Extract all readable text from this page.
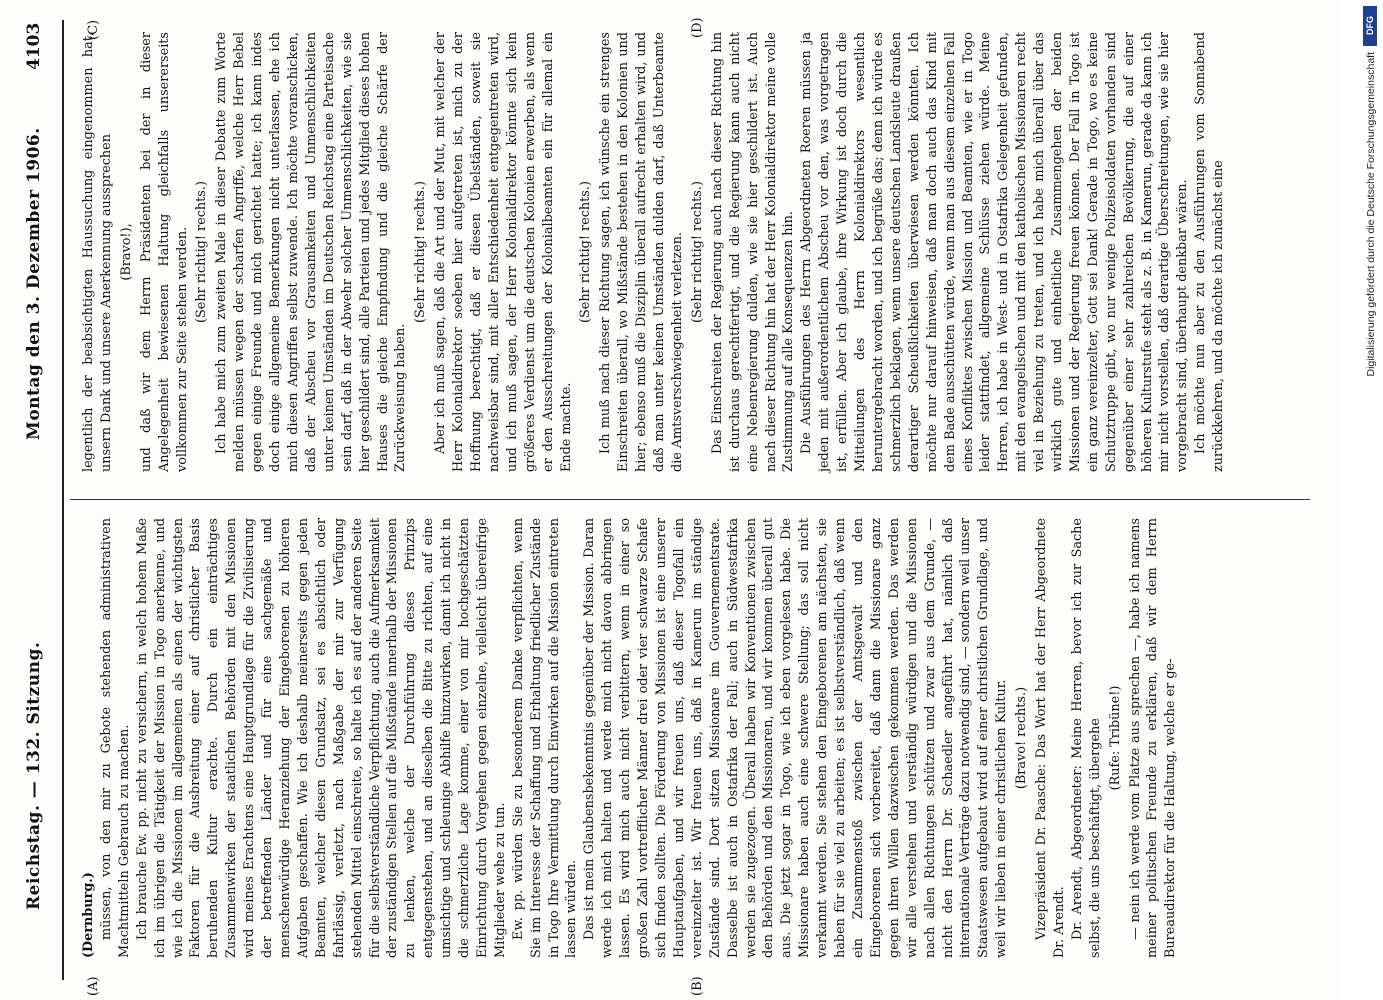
Reichstag. — 132. Sitzung.
Montag den 3. Dezember 1906.
4103
(A)	(B)
(C)	(D)

(Dernburg.) müssen, von den mir zu Gebote stehenden administrativen Machtmitteln Gebrauch zu machen. Ich brauche Ew. pp. nicht zu versichern, in welch hohem Maße ich im übrigen die Tätigkeit der Mission in Togo anerkenne, und wie ich die Missionen im allgemeinen als einen der wichtigsten Faktoren für die Ausbreitung einer auf christlicher Basis beruhenden Kultur erachte. Durch ein einträchtiges Zusammenwirken der staatlichen Behörden mit den Missionen wird meines Erachtens eine Hauptgrundlage für die Zivilisierung der betreffenden Länder und für eine sachgemäße und menschenwürdige Heranziehung der Eingeborenen zu höheren Aufgaben geschaffen. Wie ich deshalb meinerseits gegen jeden Beamten, welcher diesen Grundsatz, sei es absichtlich oder fahrlässig, verletzt, nach Maßgabe der mir zur Verfügung stehenden Mittel einschreite, so halte ich es auf der anderen Seite für die selbstverständliche Verpflichtung, auch die Aufmerksamkeit der zuständigen Stellen auf die Mißstände innerhalb der Missionen zu lenken, welche der Durchführung dieses Prinzips entgegenstehen, und an dieselben die Bitte zu richten, auf eine umsichtige und schleunige Abhilfe hinzuwirken, damit ich nicht in die schmerzliche Lage komme, einer von mir hochgeschätzten Einrichtung durch Vorgehen gegen einzelne, vielleicht übereifrige Mitglieder wehe zu tun. Ew. pp. würden Sie zu besonderem Danke verpflichten, wenn Sie im Interesse der Schaffung und Erhaltung friedlicher Zustände in Togo Ihre Vermittlung durch Einwirken auf die Mission eintreten lassen würden. Das ist mein Glaubensbekenntnis gegenüber der Mission. Daran werde ich mich halten und werde mich nicht davon abbringen lassen. Es wird mich auch nicht verbittern, wenn in einer so großen Zahl vortrefflicher Männer drei oder vier schwarze Schafe sich finden sollten. Die Förderung von Missionen ist eine unserer Hauptaufgaben, und wir freuen uns, daß dieser Togofall ein vereinzelter ist. Wir freuen uns, daß in Kamerun im ständige Zustände sind. Dort sitzen Missionare im Gouvernementsrate. Dasselbe ist auch in Ostafrika der Fall; auch in Südwestafrika werden sie zugezogen. Überall haben wir Konventionen zwischen den Behörden und den Missionaren, und wir kommen überall gut aus. Die jetzt sogar in Togo, wie ich eben vorgelesen habe. Die Missionare haben auch eine schwere Stellung; das soll nicht verkannt werden. Sie stehen den Eingeborenen am nächsten, sie haben für sie viel zu arbeiten; es ist selbstverständlich, daß wenn ein Zusammenstoß zwischen der Amtsgewalt und den Eingeborenen sich vorbereitet, daß dann die Missionare ganz gegen ihren Willen dazwischen gekommen werden. Das werden wir alle verstehen und verständig würdigen und die Missionen nach allen Richtungen schützen und zwar aus dem Grunde, — nicht den Herrn Dr. Schaedler angeführt hat, nämlich daß internationale Verträge dazu notwendig sind, — sondern weil unser Staatswesen aufgebaut wird auf einer christlichen Grundlage, und weil wir lieben in einer christlichen Kultur. (Bravo! rechts.) Vizepräsident Dr. Paasche: Das Wort hat der Herr Abgeordnete Dr. Arendt. Dr. Arendt, Abgeordneter: Meine Herren, bevor ich zur Sache selbst, die uns beschäftigt, übergehe (Rufe: Tribüne!) — nein ich werde vom Platze aus sprechen —, habe ich namens meiner politischen Freunde zu erklären, daß wir dem Herrn Bureaudirektor für die Haltung, welche er ge-

legentlich der beabsichtigten Haussuchung eingenommen hat, unsern Dank und unsere Anerkennung aussprechen (Bravo!), und daß wir dem Herrn Präsidenten bei der in dieser Angelegenheit bewiesenen Haltung gleichfalls unsererseits vollkommen zur Seite stehen werden. (Sehr richtig! rechts.) Ich habe mich zum zweiten Male in dieser Debatte zum Worte melden müssen wegen der scharfen Angriffe, welche Herr Bebel gegen einige Freunde und mich gerichtet hatte; ich kann indes doch einige allgemeine Bemerkungen nicht unterlassen, ehe ich mich diesen Angriffen selbst zuwende. Ich möchte voranschicken, daß der Abscheu vor Grausamkeiten und Unmenschlichkeiten unter keinen Umständen im Deutschen Reichstag eine Parteisache sein darf, daß in der Abwehr solcher Unmenschlichkeiten, wie sie hier geschildert sind, alle Parteien und jedes Mitglied dieses hohen Hauses die gleiche Empfindung und die gleiche Schärfe der Zurückweisung haben.

(Sehr richtig! rechts.) Aber ich muß sagen, daß die Art und der Mut, mit welcher der Herr Kolonialdirektor soeben hier aufgetreten ist, mich zu der Hoffnung berechtigt, daß er diesen Übelständen, soweit sie nachweisbar sind, mit aller Entschiedenheit entgegentreten wird, und ich muß sagen, der Herr Kolonialdirektor könnte sich kein größeres Verdienst um die deutschen Kolonien erwerben, als wenn er den Ausschreitungen der Kolonialbeamten ein für allemal ein Ende machte.

(Sehr richtig! rechts.) Ich muß nach dieser Richtung sagen, ich wünsche ein strenges Einschreiten überall, wo Mißstände bestehen in den Kolonien und hier; ebenso muß die Disziplin überall aufrecht erhalten wird, und daß man unter keinen Umständen dulden darf, daß Unterbeamte die Amtsverschwiegenheit verletzen. (Sehr richtig! rechts.) Das Einschreiten der Regierung auch nach dieser Richtung hin ist durchaus gerechtfertigt, und die Regierung kann auch nicht eine Nebenregierung dulden, wie sie hier geschildert ist. Auch nach dieser Richtung hin hat der Herr Kolonialdirektor meine volle Zustimmung auf alle Konsequenzen hin. Die Ausführungen des Herrn Abgeordneten Roeren müssen ja jeden mit außerordentlichem Abscheu vor den, was vorgetragen ist, erfüllen. Aber ich glaube, ihre Wirkung ist doch durch die Mitteilungen des Herrn Kolonialdirektors wesentlich heruntergebracht worden, und ich begrüße das; denn ich würde es schmerzlich beklagen, wenn unsere deutschen Landsleute draußen derartiger Scheußlichkeiten überwiesen werden könnten. Ich möchte nur darauf hinweisen, daß man doch auch das Kind mit dem Bade ausschütten würde, wenn man aus diesem einzelnen Fall eines Konfliktes zwischen Mission und Beamten, wie er in Togo leider stattfindet, allgemeine Schlüsse ziehen würde. Meine Herren, ich habe in West- und in Ostafrika Gelegenheit gefunden, mit den evangelischen und mit den katholischen Missionaren recht viel in Beziehung zu treten, und ich habe mich überall über das wirklich gute und einheitliche Zusammengehen der beiden Missionen und der Regierung freuen können. Der Fall in Togo ist ein ganz vereinzelter, Gott sei Dank! Gerade in Togo, wo es keine Schutztruppe gibt, wo nur wenige Polizeisoldaten vorhanden sind gegenüber einer sehr zahlreichen Bevölkerung, die auf einer höheren Kulturstufe steht als z. B. in Kamerun, gerade da kann ich mir nicht vorstellen, daß derartige Überschreitungen, wie sie hier vorgebracht sind, überhaupt denkbar wären. Ich möchte nun aber zu den Ausführungen vom Sonnabend zurückkehren, und da möchte ich zunächst eine

DFG
Digitalisierung gefördert durch die Deutsche Forschungsgemeinschaft
